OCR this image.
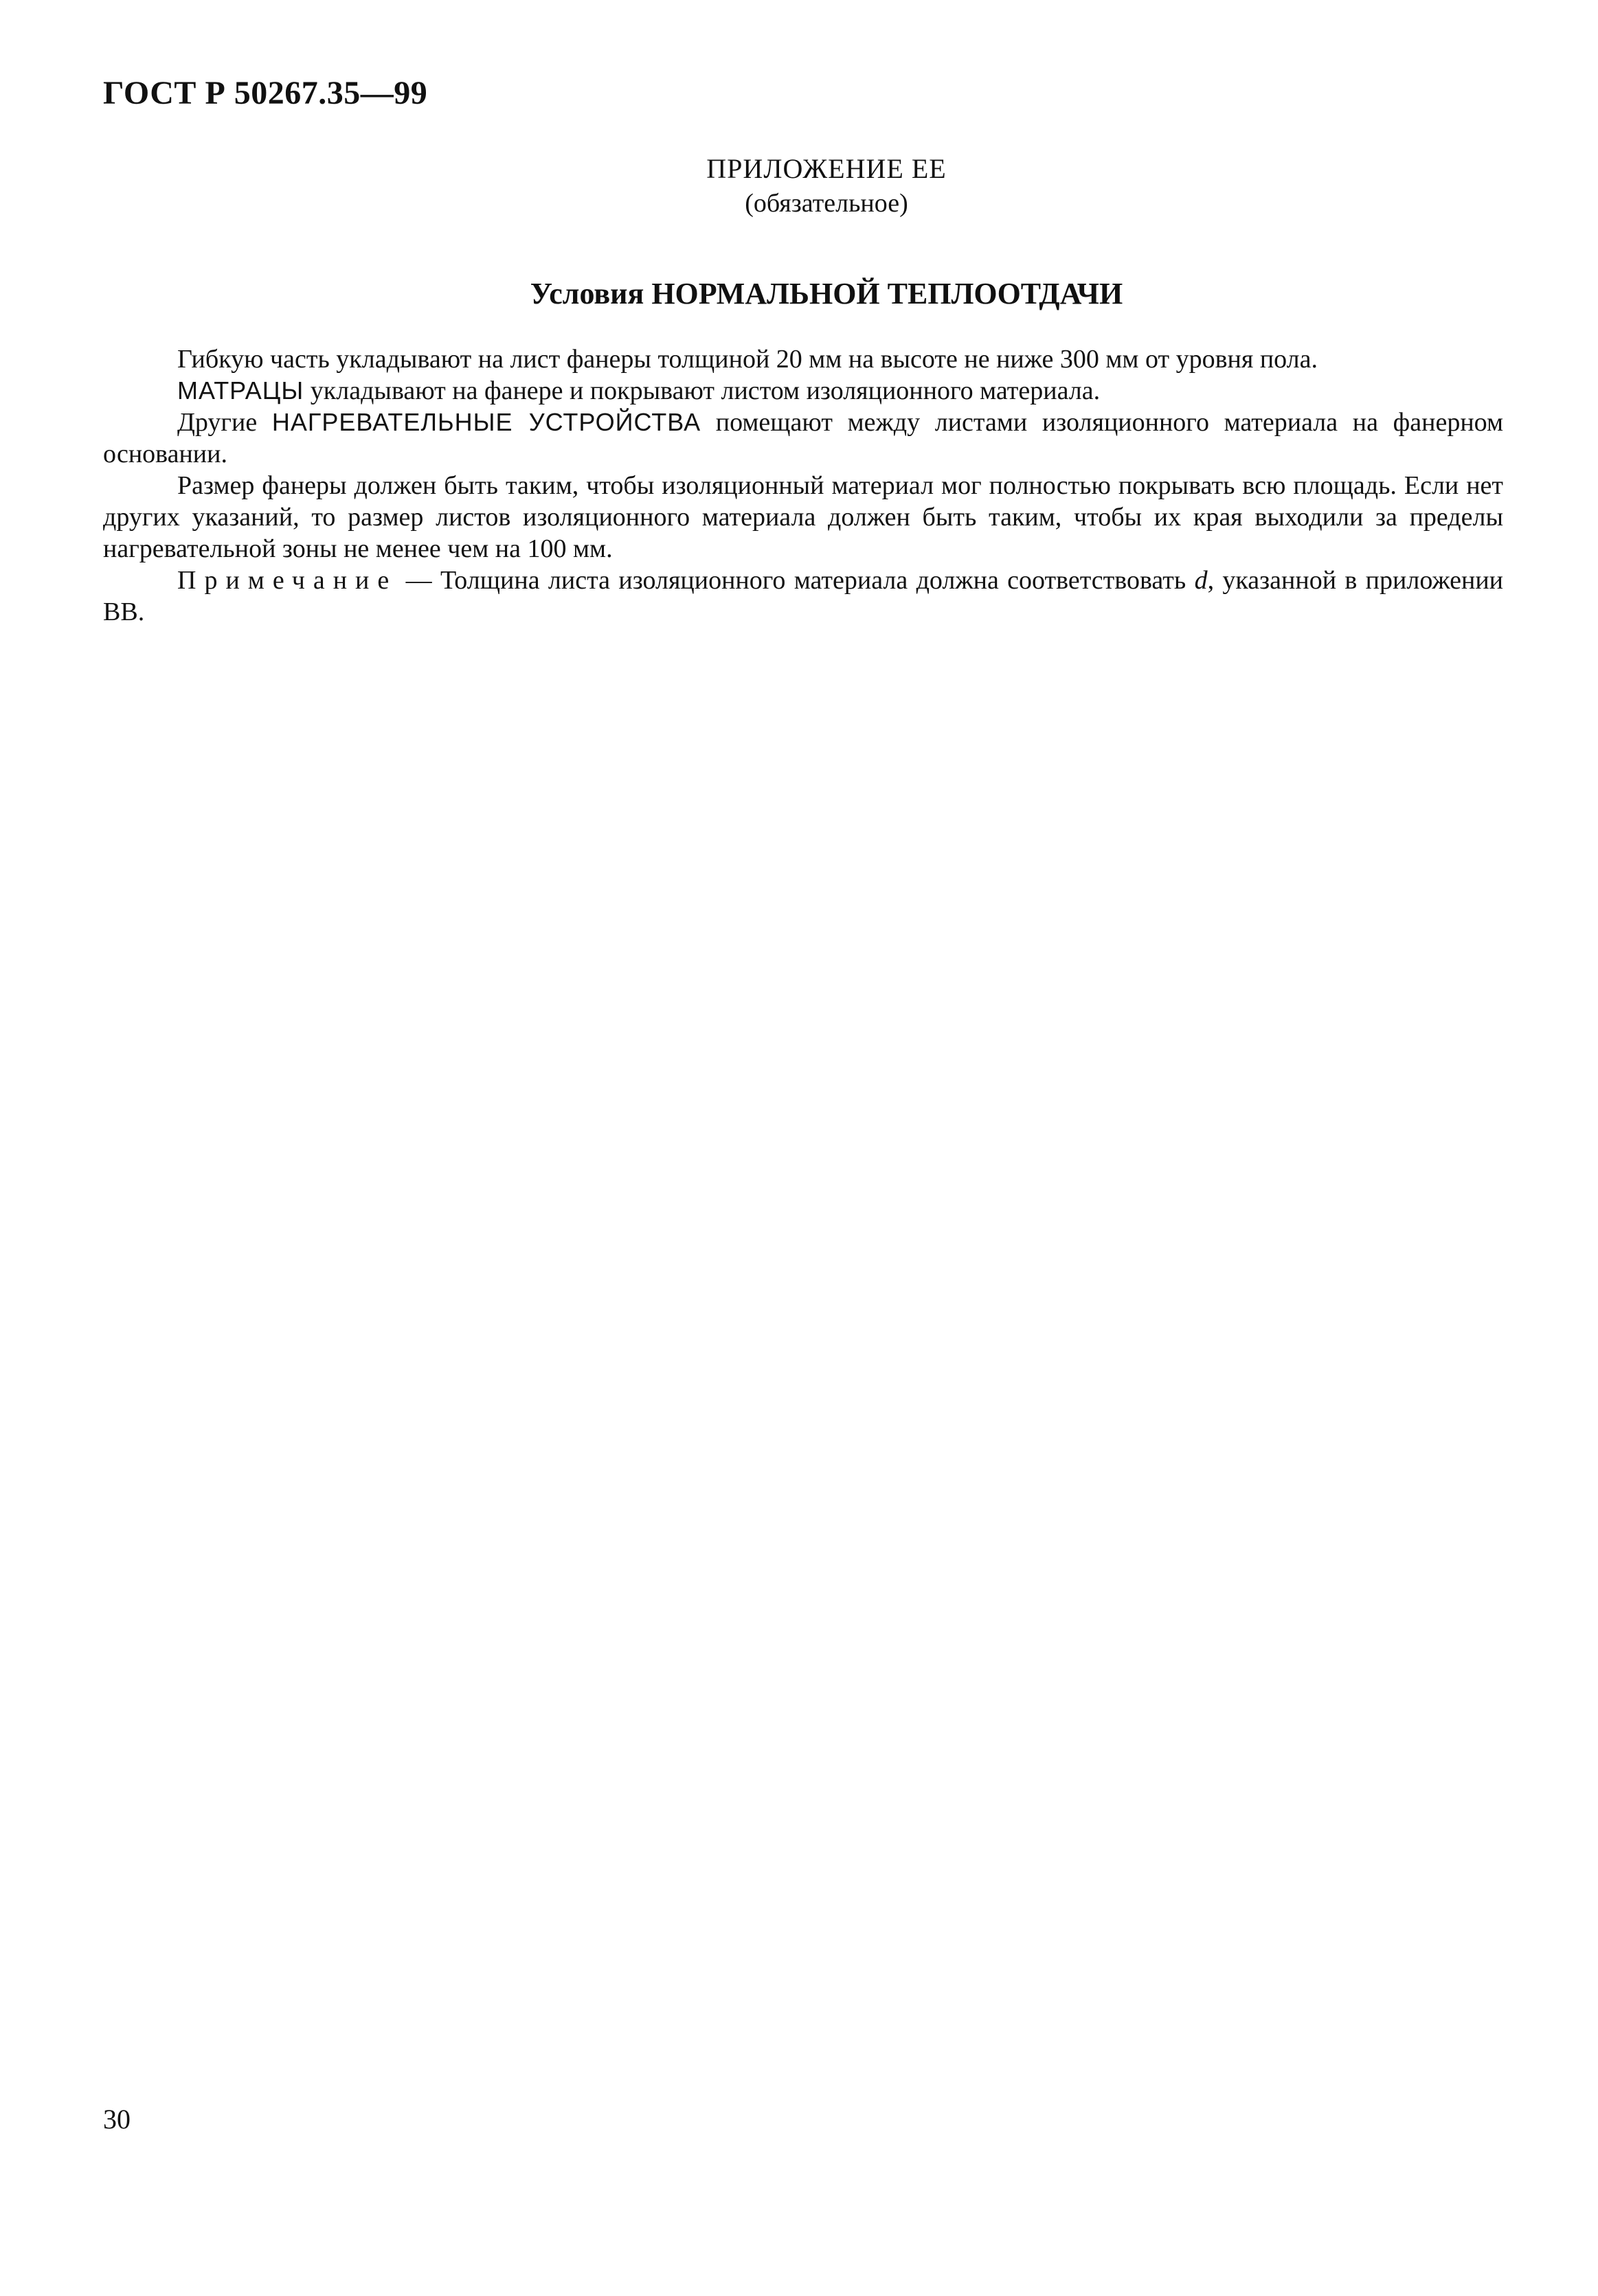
ГОСТ Р 50267.35—99
ПРИЛОЖЕНИЕ ЕЕ
(обязательное)
Условия НОРМАЛЬНОЙ ТЕПЛООТДАЧИ

Гибкую часть укладывают на лист фанеры толщиной 20 мм на высоте не ниже 300 мм от уровня пола.

МАТРАЦЫ укладывают на фанере и покрывают листом изоляционного материала.

Другие НАГРЕВАТЕЛЬНЫЕ УСТРОЙСТВА помещают между листами изоляционного материала на фанерном основании.

Размер фанеры должен быть таким, чтобы изоляционный материал мог полностью покрывать всю площадь. Если нет других указаний, то размер листов изоляционного материала должен быть таким, чтобы их края выходили за пределы нагревательной зоны не менее чем на 100 мм.

Примечание — Толщина листа изоляционного материала должна соответствовать d, указанной в приложении ВВ.

30
